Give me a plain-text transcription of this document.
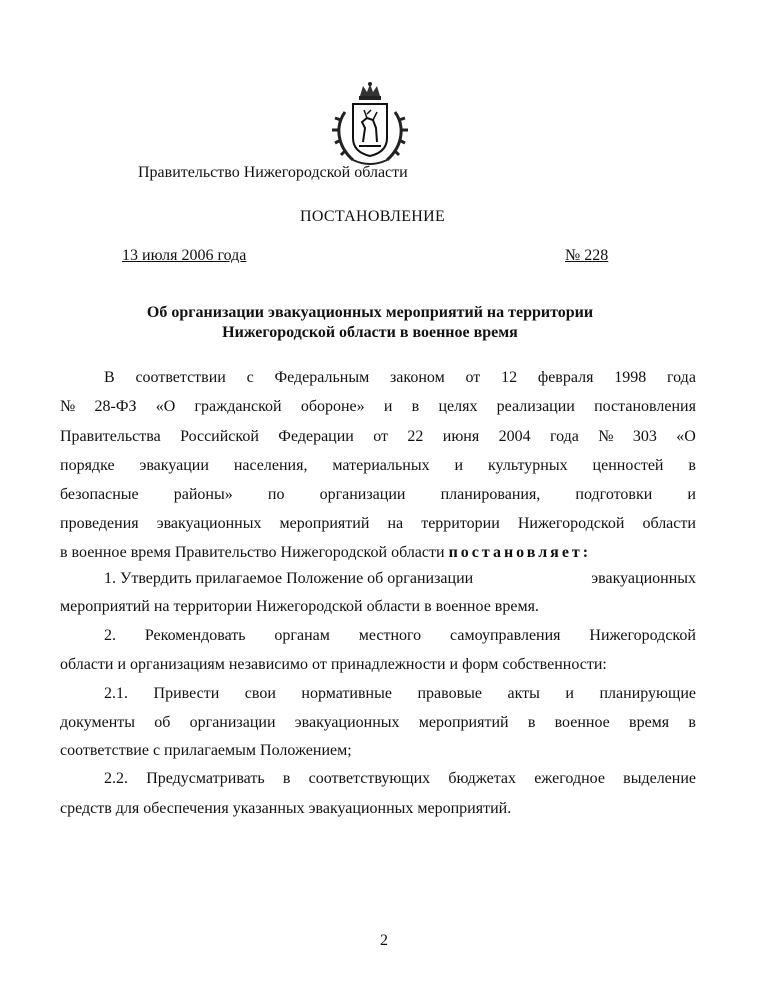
Правительство Нижегородской области
ПОСТАНОВЛЕНИЕ
13 июля 2006 года	№ 228
Об организации эвакуационных мероприятий на территории
Нижегородской области в военное время
В соответствии с Федеральным законом от 12 февраля 1998 года
№ 28-ФЗ «О гражданской обороне» и в целях реализации постановления
Правительства Российской Федерации от 22 июня 2004 года № 303 «О
порядке эвакуации населения, материальных и культурных ценностей в
безопасные районы» по организации планирования, подготовки и
проведения эвакуационных мероприятий на территории Нижегородской области
в военное время Правительство Нижегородской области постановляет:
1. Утвердить прилагаемое Положение об организации	эвакуационных
мероприятий на территории Нижегородской области в военное время.
2. Рекомендовать органам местного самоуправления Нижегородской
области и организациям независимо от принадлежности и форм собственности:
2.1. Привести свои нормативные правовые акты и планирующие
документы об организации эвакуационных мероприятий в военное время в
соответствие с прилагаемым Положением;
2.2. Предусматривать в соответствующих бюджетах ежегодное выделение
средств для обеспечения указанных эвакуационных мероприятий.
2
